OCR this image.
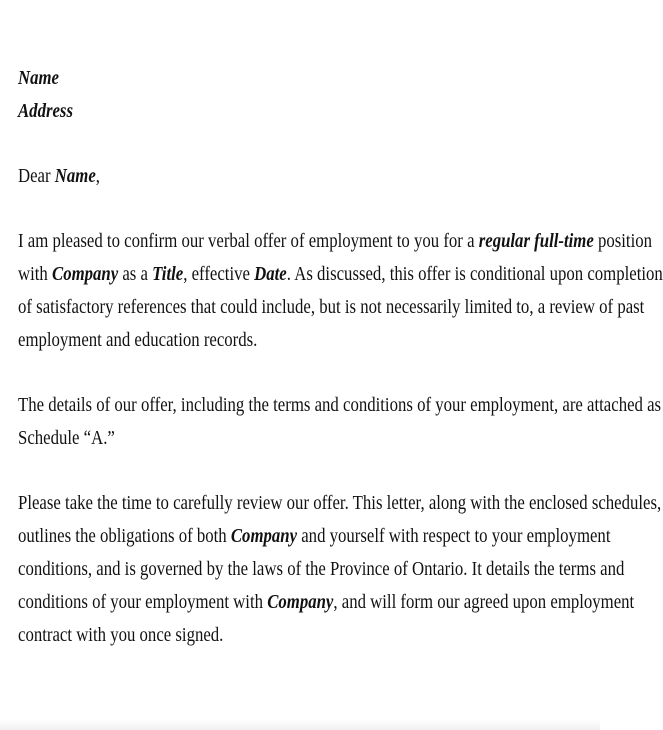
Name
Address

Dear Name,

I am pleased to confirm our verbal offer of employment to you for a regular full-time position
with Company as a Title, effective Date. As discussed, this offer is conditional upon completion
of satisfactory references that could include, but is not necessarily limited to, a review of past
employment and education records.

The details of our offer, including the terms and conditions of your employment, are attached as
Schedule “A.”

Please take the time to carefully review our offer. This letter, along with the enclosed schedules,
outlines the obligations of both Company and yourself with respect to your employment
conditions, and is governed by the laws of the Province of Ontario. It details the terms and
conditions of your employment with Company, and will form our agreed upon employment
contract with you once signed.
